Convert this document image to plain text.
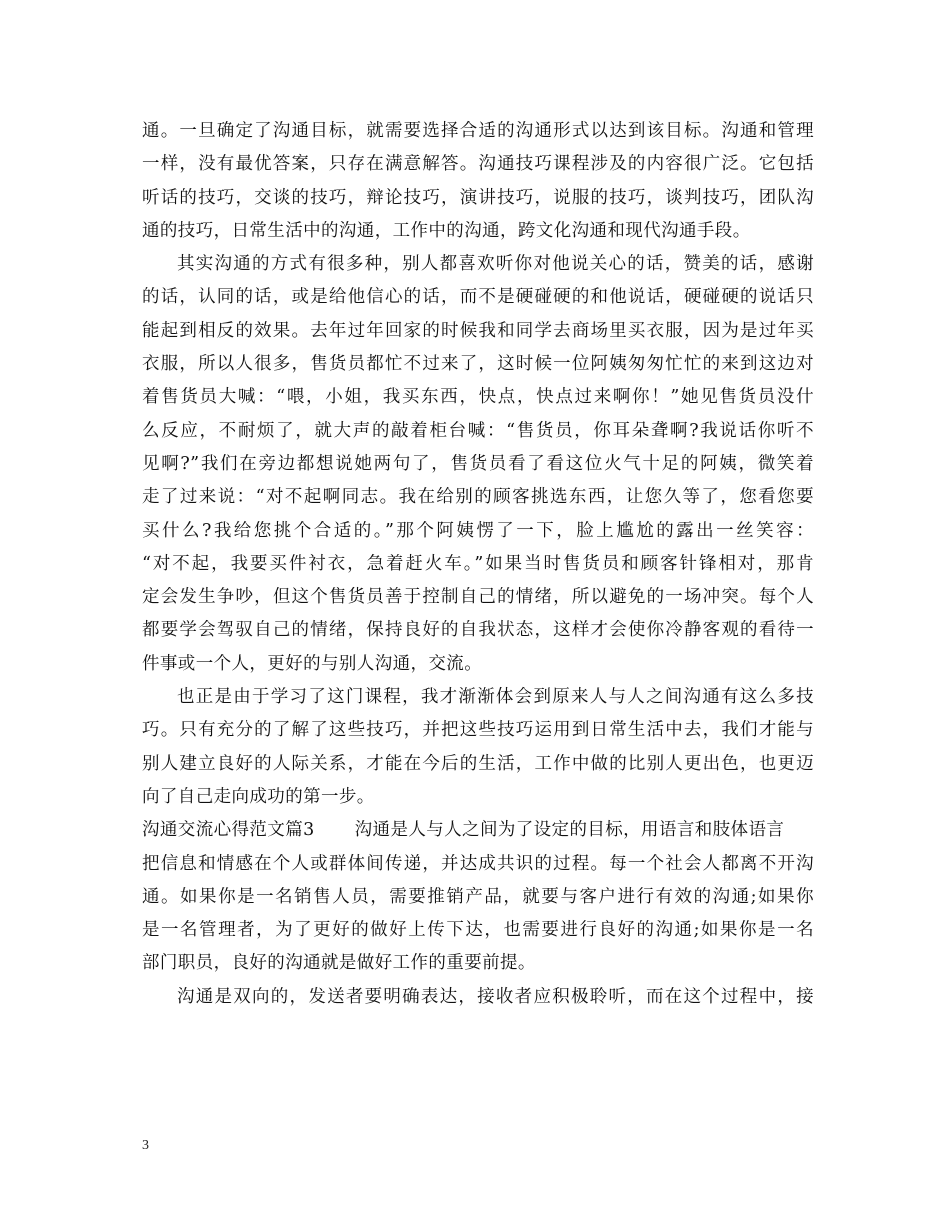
通。一旦确定了沟通目标，就需要选择合适的沟通形式以达到该目标。沟通和管理
一样，没有最优答案，只存在满意解答。沟通技巧课程涉及的内容很广泛。它包括
听话的技巧，交谈的技巧，辩论技巧，演讲技巧，说服的技巧，谈判技巧，团队沟
通的技巧，日常生活中的沟通，工作中的沟通，跨文化沟通和现代沟通手段。
其实沟通的方式有很多种，别人都喜欢听你对他说关心的话，赞美的话，感谢
的话，认同的话，或是给他信心的话，而不是硬碰硬的和他说话，硬碰硬的说话只
能起到相反的效果。去年过年回家的时候我和同学去商场里买衣服，因为是过年买
衣服，所以人很多，售货员都忙不过来了，这时候一位阿姨匆匆忙忙的来到这边对
着售货员大喊：“喂，小姐，我买东西，快点，快点过来啊你！”她见售货员没什
么反应，不耐烦了，就大声的敲着柜台喊：“售货员，你耳朵聋啊?我说话你听不
见啊?”我们在旁边都想说她两句了，售货员看了看这位火气十足的阿姨，微笑着
走了过来说：“对不起啊同志。我在给别的顾客挑选东西，让您久等了，您看您要
买什么?我给您挑个合适的。”那个阿姨愣了一下，脸上尴尬的露出一丝笑容：
“对不起，我要买件衬衣，急着赶火车。”如果当时售货员和顾客针锋相对，那肯
定会发生争吵，但这个售货员善于控制自己的情绪，所以避免的一场冲突。每个人
都要学会驾驭自己的情绪，保持良好的自我状态，这样才会使你冷静客观的看待一
件事或一个人，更好的与别人沟通，交流。
也正是由于学习了这门课程，我才渐渐体会到原来人与人之间沟通有这么多技
巧。只有充分的了解了这些技巧，并把这些技巧运用到日常生活中去，我们才能与
别人建立良好的人际关系，才能在今后的生活，工作中做的比别人更出色，也更迈
向了自己走向成功的第一步。
沟通交流心得范文篇3 沟通是人与人之间为了设定的目标，用语言和肢体语言
把信息和情感在个人或群体间传递，并达成共识的过程。每一个社会人都离不开沟
通。如果你是一名销售人员，需要推销产品，就要与客户进行有效的沟通;如果你
是一名管理者，为了更好的做好上传下达，也需要进行良好的沟通;如果你是一名
部门职员，良好的沟通就是做好工作的重要前提。
沟通是双向的，发送者要明确表达，接收者应积极聆听，而在这个过程中，接
3
